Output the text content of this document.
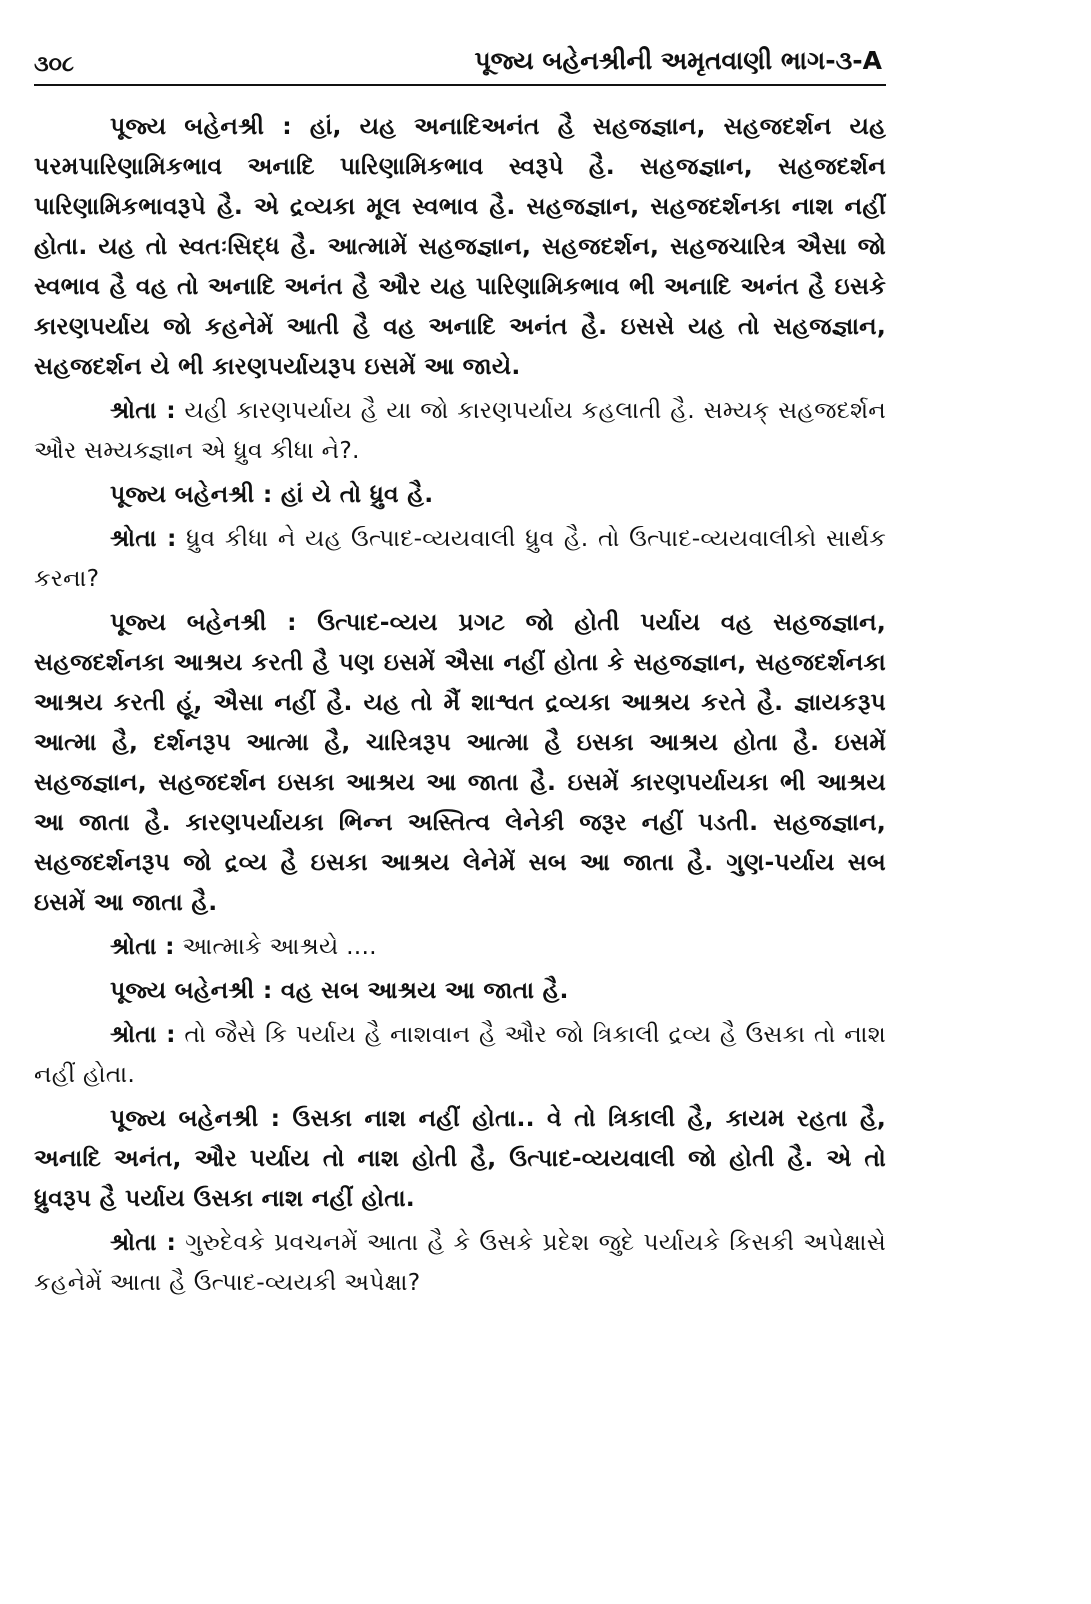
૩૦૮	પૂજ્ય બહેનશ્રીની અમૃતવાણી ભાગ-૩-A

પૂજ્ય બહેનશ્રી : હાં, યહ અનાદિઅનંત હૈ સહજજ્ઞાન, સહજદર્શન યહ પરમપારિણામિકભાવ અનાદિ પારિણામિકભાવ સ્વરૂપે હૈ. સહજજ્ઞાન, સહજદર્શન પારિણામિકભાવરૂપે હૈ. એ દ્રવ્યકા મૂલ સ્વભાવ હૈ. સહજજ્ઞાન, સહજદર્શનકા નાશ નહીં હોતા. યહ તો સ્વતઃસિદ્ધ હૈ. આત્મામેં સહજજ્ઞાન, સહજદર્શન, સહજચારિત્ર ઐસા જો સ્વભાવ હૈ વહ તો અનાદિ અનંત હૈ ઔર યહ પારિણામિકભાવ ભી અનાદિ અનંત હૈ ઇસકે કારણપર્યાય જો કહનેમેં આતી હૈ વહ અનાદિ અનંત હૈ. ઇસસે યહ તો સહજજ્ઞાન, સહજદર્શન યે ભી કારણપર્યાયરૂપ ઇસમેં આ જાયે.

શ્રોતા : યહી કારણપર્યાય હૈ યા જો કારણપર્યાય કહલાતી હૈ. સમ્યક્ સહજદર્શન ઔર સમ્યક્જ્ઞાન એ ધ્રુવ કીધા ને?.

પૂજ્ય બહેનશ્રી : હાં યે તો ધ્રુવ હૈ.

શ્રોતા : ધ્રુવ કીધા ને યહ ઉત્પાદ-વ્યયવાલી ધ્રુવ હૈ. તો ઉત્પાદ-વ્યયવાલીકો સાર્થક કરના?

પૂજ્ય બહેનશ્રી : ઉત્પાદ-વ્યય પ્રગટ જો હોતી પર્યાય વહ સહજજ્ઞાન, સહજદર્શનકા આશ્રય કરતી હૈ પણ ઇસમેં ઐસા નહીં હોતા કે સહજજ્ઞાન, સહજદર્શનકા આશ્રય કરતી હૂં, ઐસા નહીં હૈ. યહ તો મૈં શાશ્વત દ્રવ્યકા આશ્રય કરતે હૈ. જ્ઞાયકરૂપ આત્મા હૈ, દર્શનરૂપ આત્મા હૈ, ચારિત્રરૂપ આત્મા હૈ ઇસકા આશ્રય હોતા હૈ. ઇસમેં સહજજ્ઞાન, સહજદર્શન ઇસકા આશ્રય આ જાતા હૈ. ઇસમેં કારણપર્યાયકા ભી આશ્રય આ જાતા હૈ. કારણપર્યાયકા ભિન્ન અસ્તિત્વ લેનેકી જરૂર નહીં પડતી. સહજજ્ઞાન, સહજદર્શનરૂપ જો દ્રવ્ય હૈ ઇસકા આશ્રય લેનેમેં સબ આ જાતા હૈ. ગુણ-પર્યાય સબ ઇસમેં આ જાતા હૈ.

શ્રોતા : આત્માકે આશ્રયે ....

પૂજ્ય બહેનશ્રી : વહ સબ આશ્રય આ જાતા હૈ.

શ્રોતા : તો જૈસે કિ પર્યાય હૈ નાશવાન હૈ ઔર જો ત્રિકાલી દ્રવ્ય હૈ ઉસકા તો નાશ નહીં હોતા.

પૂજ્ય બહેનશ્રી : ઉસકા નાશ નહીં હોતા.. વે તો ત્રિકાલી હૈ, કાયમ રહતા હૈ, અનાદિ અનંત, ઔર પર્યાય તો નાશ હોતી હૈ, ઉત્પાદ-વ્યયવાલી જો હોતી હૈ. એ તો ધ્રુવરૂપ હૈ પર્યાય ઉસકા નાશ નહીં હોતા.

શ્રોતા : ગુરુદેવકે પ્રવચનમેં આતા હૈ કે ઉસકે પ્રદેશ જુદે પર્યાયકે કિસકી અપેક્ષાસે કહનેમેં આતા હૈ ઉત્પાદ-વ્યયકી અપેક્ષા?
